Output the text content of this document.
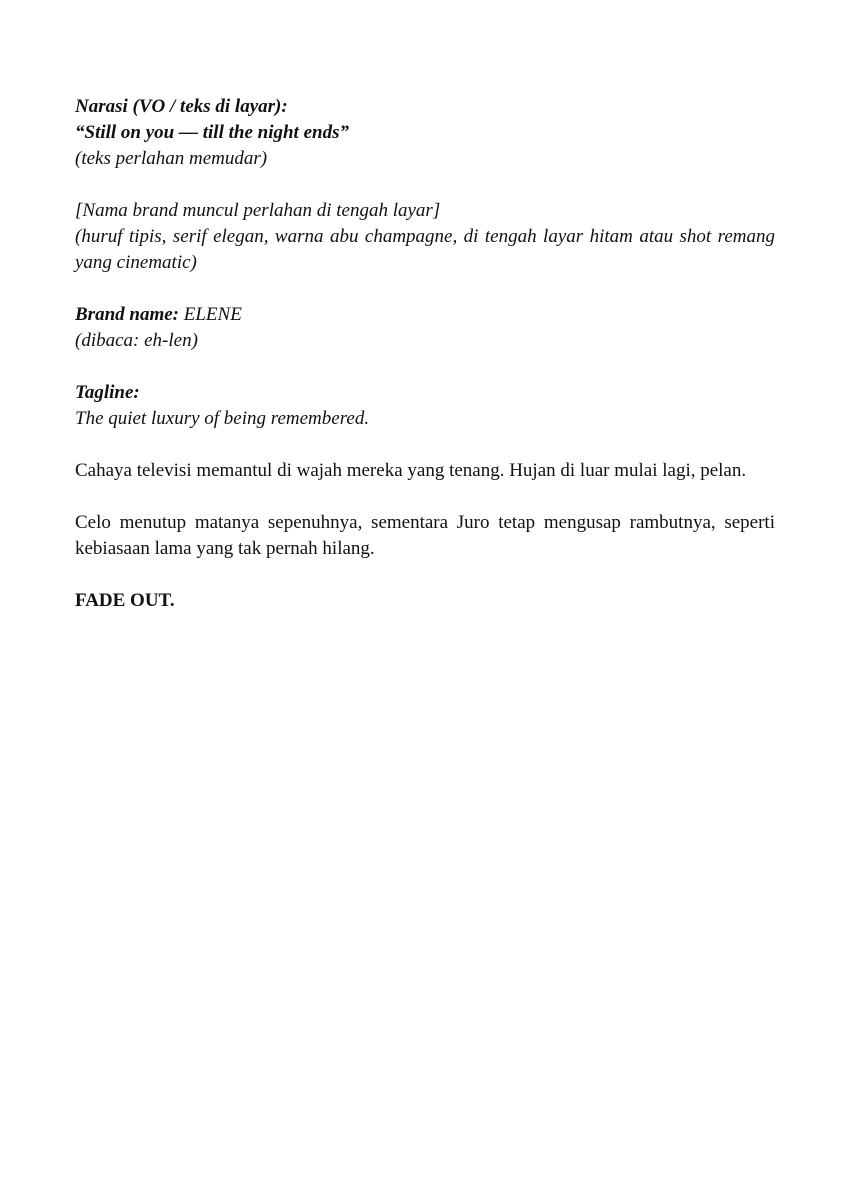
Narasi (VO / teks di layar):
“Still on you — till the night ends”
(teks perlahan memudar)
[Nama brand muncul perlahan di tengah layar]
(huruf tipis, serif elegan, warna abu champagne, di tengah layar hitam atau shot remang yang cinematic)
Brand name: ELENE
(dibaca: eh-len)
Tagline:
The quiet luxury of being remembered.
Cahaya televisi memantul di wajah mereka yang tenang. Hujan di luar mulai lagi, pelan.
Celo menutup matanya sepenuhnya, sementara Juro tetap mengusap rambutnya, seperti kebiasaan lama yang tak pernah hilang.
FADE OUT.
